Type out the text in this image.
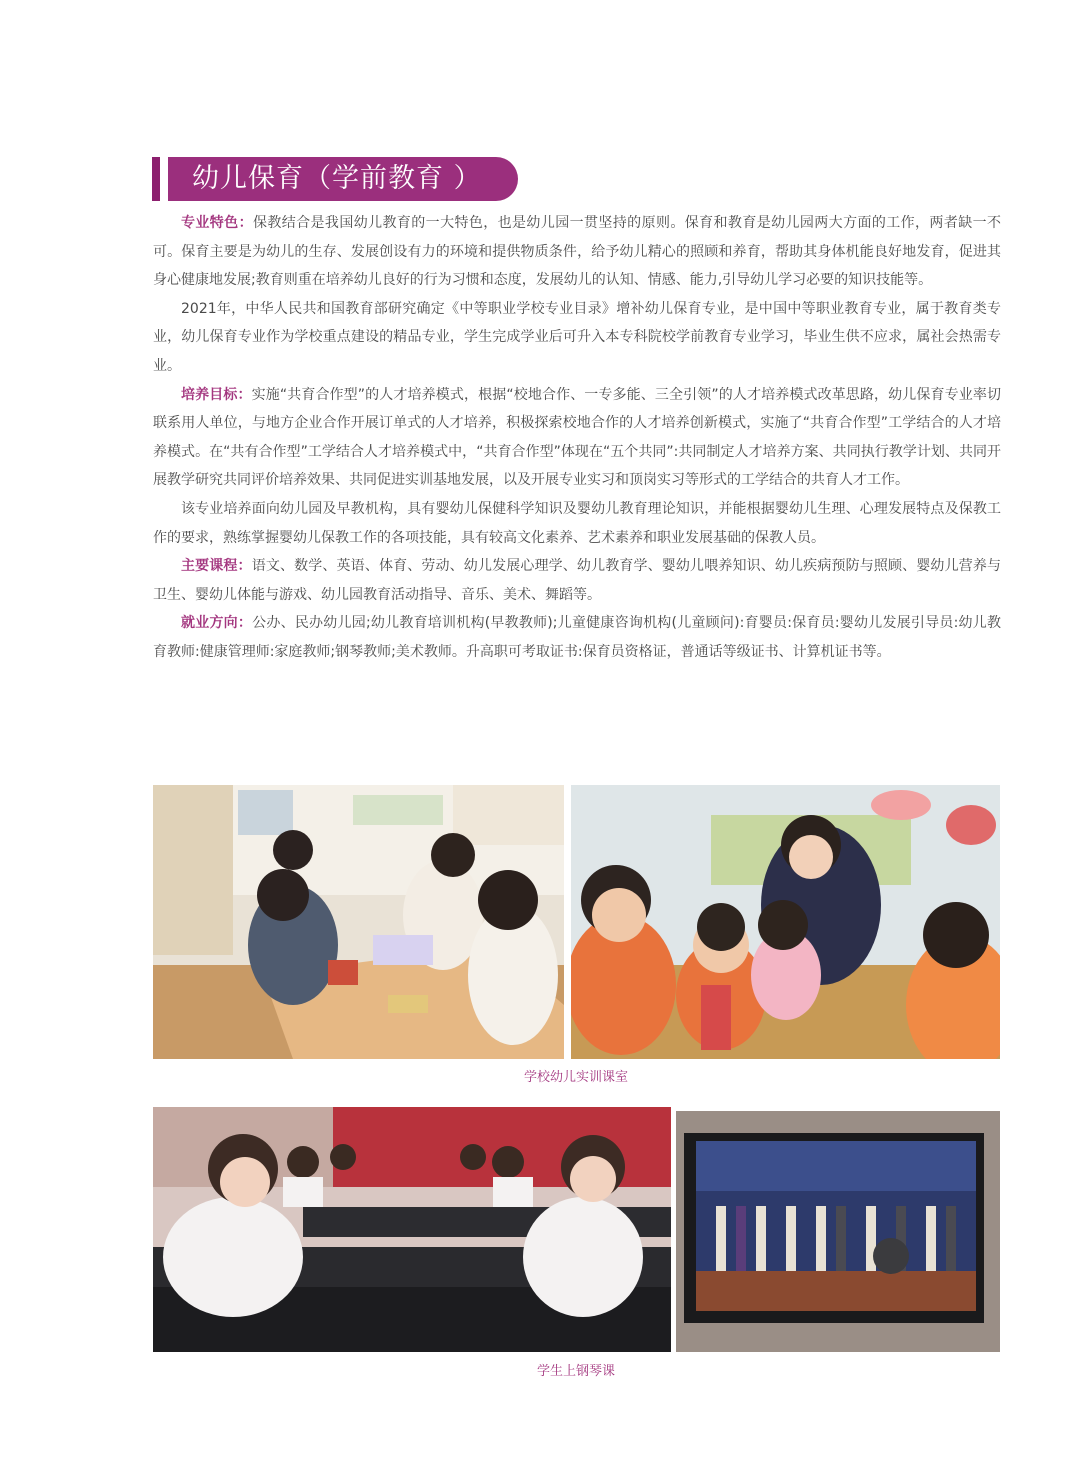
幼儿保育（学前教育 ）

专业特色：保教结合是我国幼儿教育的一大特色，也是幼儿园一贯坚持的原则。保育和教育是幼儿园两大方面的工作，两者缺一不可。保育主要是为幼儿的生存、发展创设有力的环境和提供物质条件，给予幼儿精心的照顾和养育，帮助其身体机能良好地发育，促进其身心健康地发展;教育则重在培养幼儿良好的行为习惯和态度，发展幼儿的认知、情感、能力,引导幼儿学习必要的知识技能等。

2021年，中华人民共和国教育部研究确定《中等职业学校专业目录》增补幼儿保育专业，是中国中等职业教育专业，属于教育类专业，幼儿保育专业作为学校重点建设的精品专业，学生完成学业后可升入本专科院校学前教育专业学习，毕业生供不应求，属社会热需专业。

培养目标：实施“共育合作型”的人才培养模式，根据“校地合作、一专多能、三全引领”的人才培养模式改革思路，幼儿保育专业率切联系用人单位，与地方企业合作开展订单式的人才培养，积极探索校地合作的人才培养创新模式，实施了“共育合作型”工学结合的人才培养模式。在“共有合作型”工学结合人才培养模式中，“共育合作型”体现在“五个共同”:共同制定人才培养方案、共同执行教学计划、共同开展教学研究共同评价培养效果、共同促进实训基地发展，以及开展专业实习和顶岗实习等形式的工学结合的共育人才工作。

该专业培养面向幼儿园及早教机构，具有婴幼儿保健科学知识及婴幼儿教育理论知识，并能根据婴幼儿生理、心理发展特点及保教工作的要求，熟练掌握婴幼儿保教工作的各项技能，具有较高文化素养、艺术素养和职业发展基础的保教人员。

主要课程：语文、数学、英语、体育、劳动、幼儿发展心理学、幼儿教育学、婴幼儿喂养知识、幼儿疾病预防与照顾、婴幼儿营养与卫生、婴幼儿体能与游戏、幼儿园教育活动指导、音乐、美术、舞蹈等。

就业方向：公办、民办幼儿园;幼儿教育培训机构(早教教师);儿童健康咨询机构(儿童顾问):育婴员:保育员:婴幼儿发展引导员:幼儿教育教师:健康管理师:家庭教师;钢琴教师;美术教师。升高职可考取证书:保育员资格证，普通话等级证书、计算机证书等。

学校幼儿实训课室
学生上钢琴课
